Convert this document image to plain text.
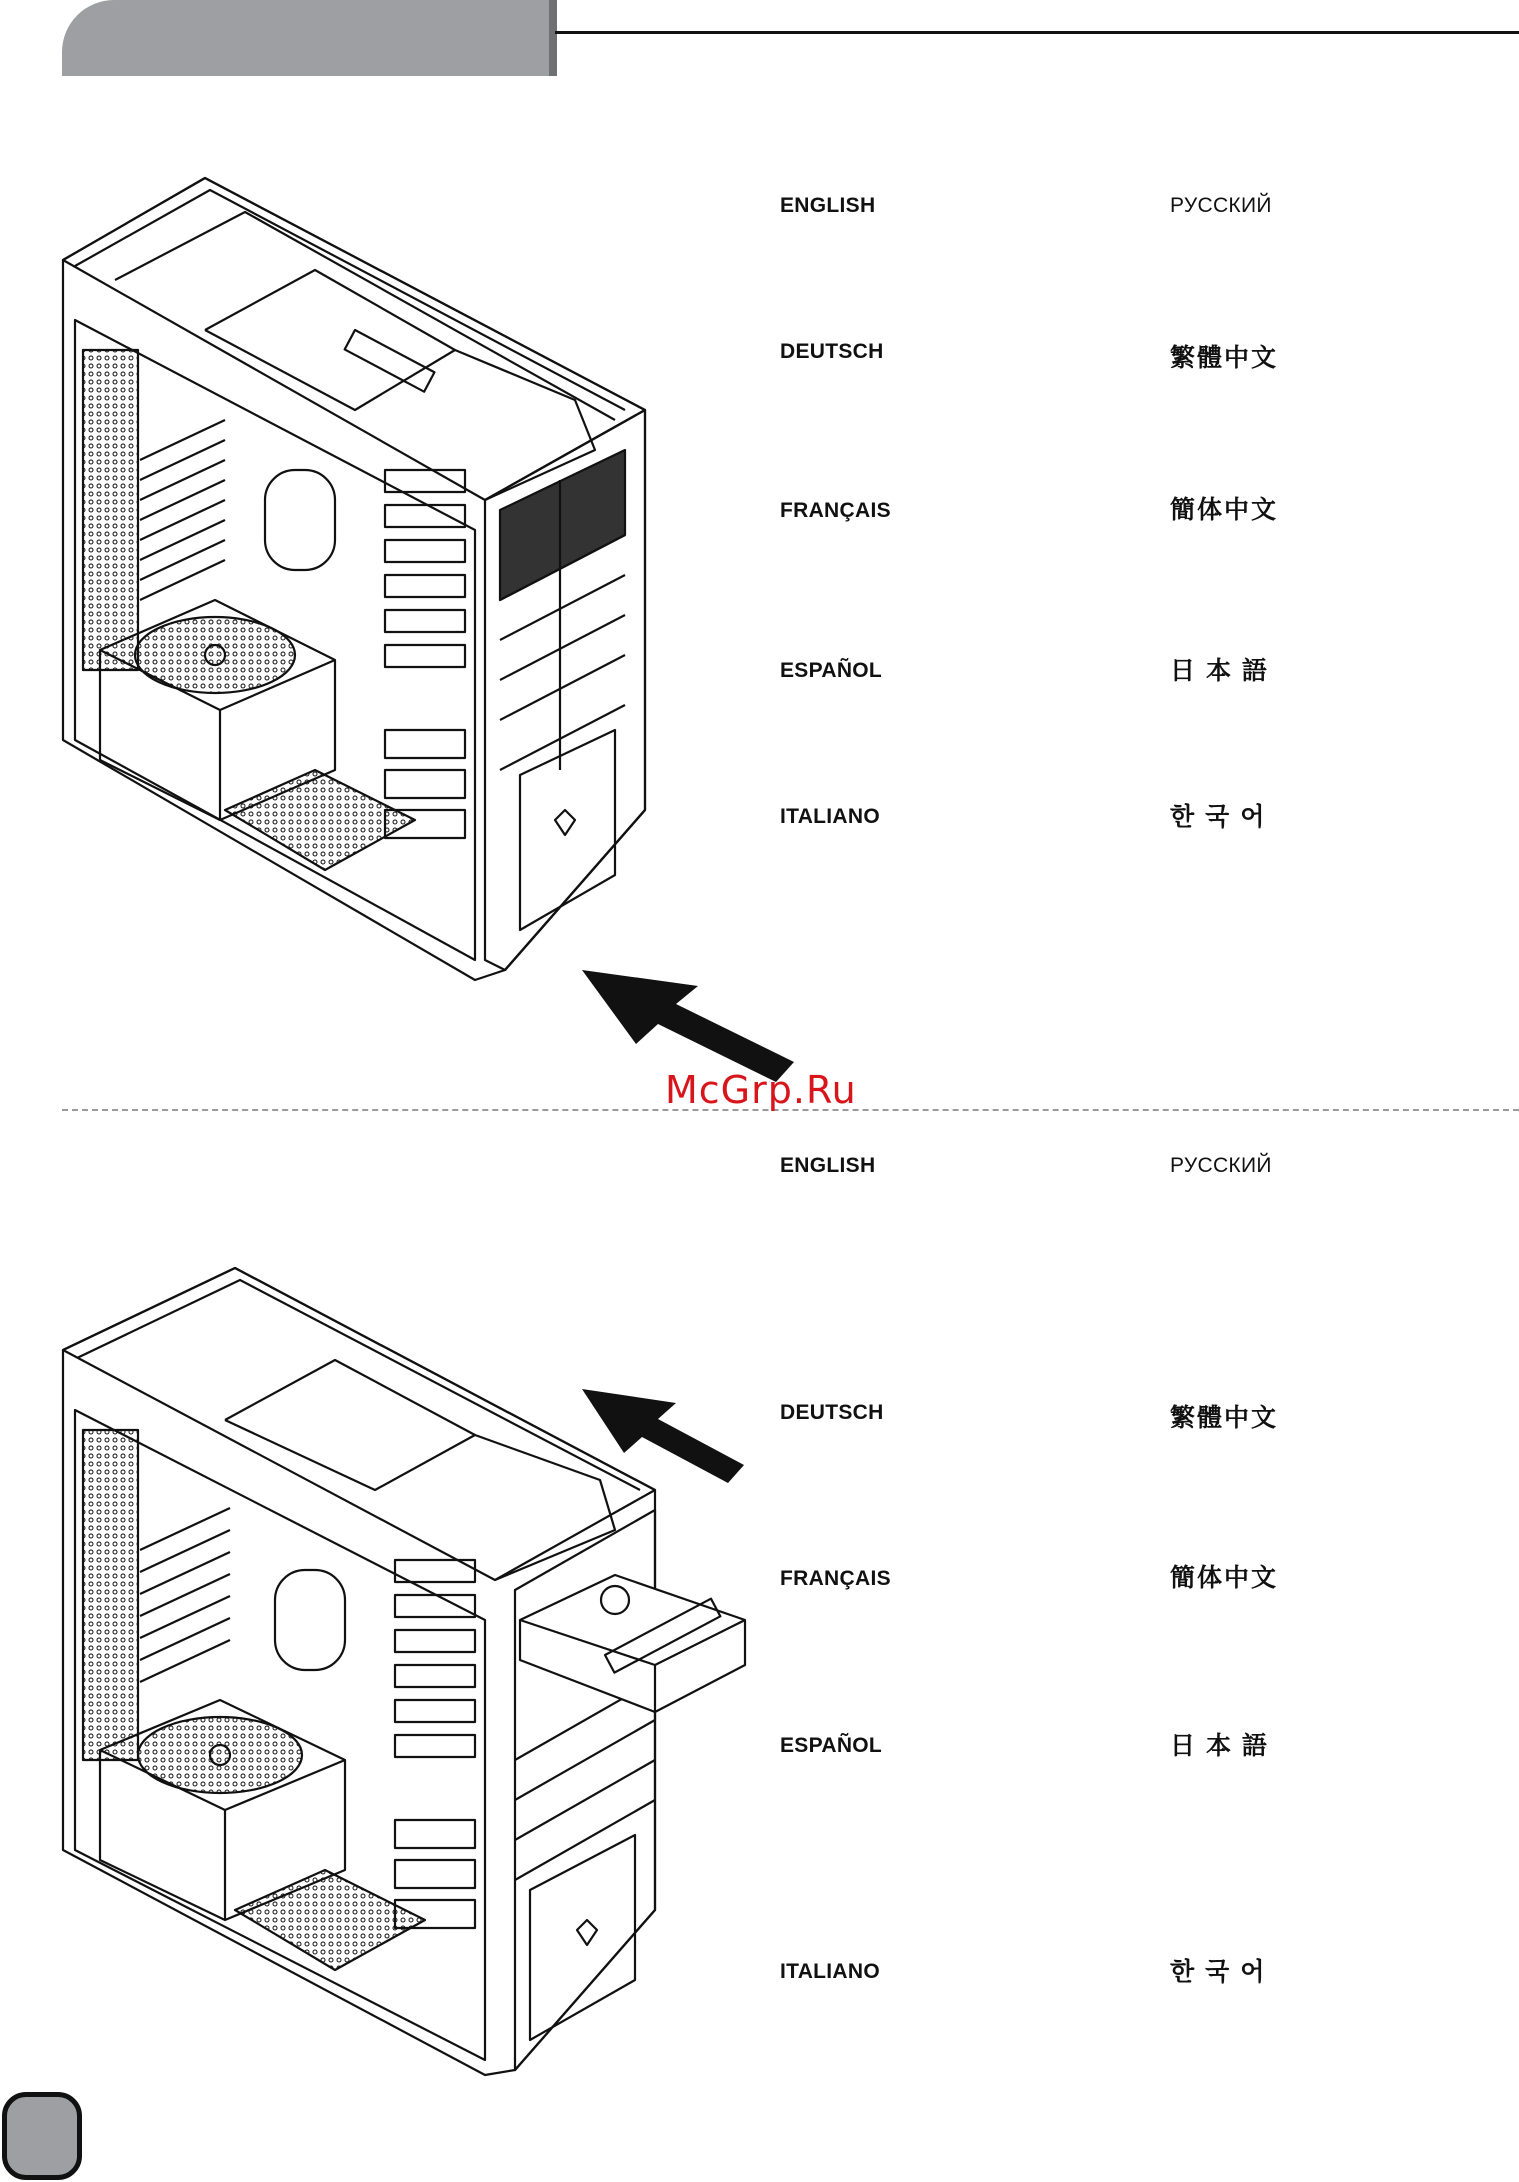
McGrp.Ru
ENGLISH
DEUTSCH
FRANÇAIS
ESPAÑOL
ITALIANO
РУССКИЙ
繁體中文
簡体中文
日 本 語
한 국 어
ENGLISH
DEUTSCH
FRANÇAIS
ESPAÑOL
ITALIANO
РУССКИЙ
繁體中文
簡体中文
日 本 語
한 국 어
